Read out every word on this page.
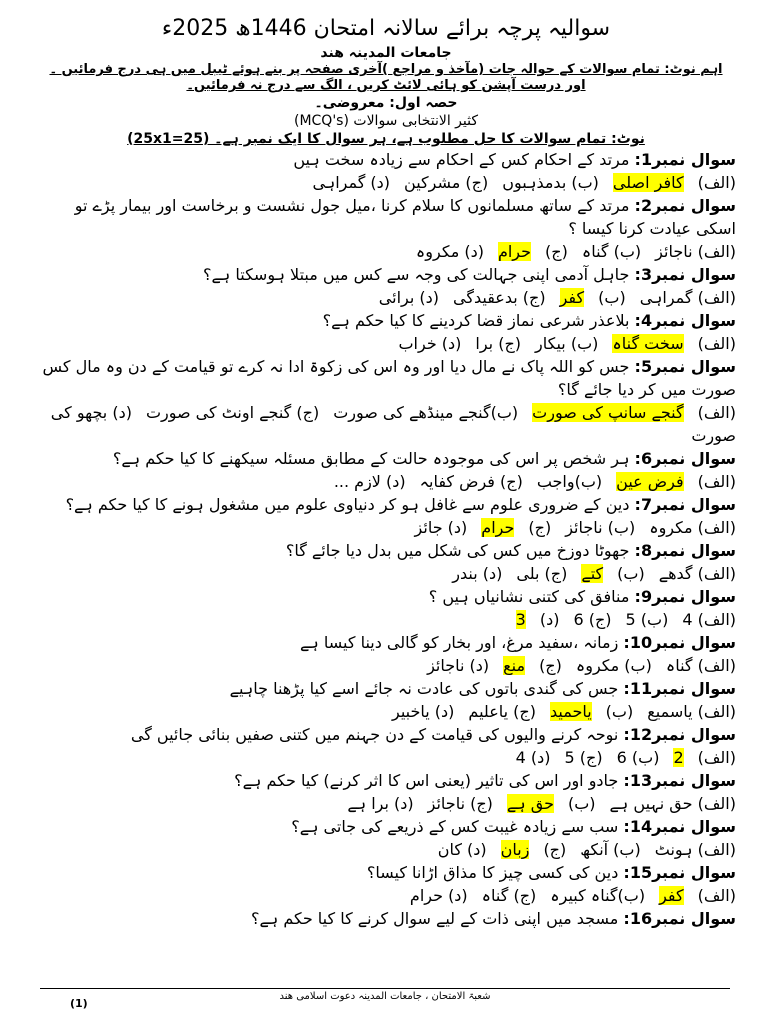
سوالیہ پرچہ برائے سالانہ امتحان 1446ھ 2025ء
جامعات المدینہ ھند
اہم نوٹ: تمام سوالات کے حوالہ جات (مآخذ و مراجع )آخری صفحہ پر بنے ہوئے ٹیبل میں ہی درج فرمائیں ۔
اور درست آپشن کو ہائی لائٹ کریں ، الگ سے درج نہ فرمائیں۔
حصہ اول: معروضی۔
کثیر الانتخابی سوالات (MCQ's)
نوٹ: تمام سوالات کا حل مطلوب ہے، ہر سوال کا ایک نمبر ہے۔ (25x1=25)
سوال نمبر1: مرتد کے احکام کس کے احکام سے زیادہ سخت ہیں
(الف)کافر اصلی(ب) بدمذہبوں(ج) مشرکین(د) گمراہی
سوال نمبر2: مرتد کے ساتھ مسلمانوں کا سلام کرنا ،میل جول نشست و برخاست اور بیمار پڑے تو اسکی عیادت کرنا کیسا ؟
(الف) ناجائز(ب) گناہ(ج)حرام(د) مکروہ
سوال نمبر3: جاہل آدمی اپنی جہالت کی وجہ سے کس میں مبتلا ہوسکتا ہے؟
(الف) گمراہی(ب)کفر(ج) بدعقیدگی(د) برائی
سوال نمبر4: بلاعذر شرعی نماز قضا کردینے کا کیا حکم ہے؟
(الف)سخت گناہ(ب) بیکار(ج) برا(د) خراب
سوال نمبر5: جس کو اللہ پاک نے مال دیا اور وہ اس کی زکوۃ ادا نہ کرے تو قیامت کے دن وہ مال کس صورت میں کر دیا جائے گا؟
(الف)گنجے سانپ کی صورت(ب)گنجے مینڈھے کی صورت(ج) گنجے اونٹ کی صورت(د) بچھو کی صورت
سوال نمبر6: ہر شخص پر اس کی موجودہ حالت کے مطابق مسئلہ سیکھنے کا کیا حکم ہے؟
(الف)فرض عین(ب)واجب(ج) فرض کفایہ(د) لازم ...
سوال نمبر7: دین کے ضروری علوم سے غافل ہو کر دنیاوی علوم میں مشغول ہونے کا کیا حکم ہے؟
(الف) مکروہ(ب) ناجائز(ج)حرام(د) جائز
سوال نمبر8: جھوٹا دوزخ میں کس کی شکل میں بدل دیا جائے گا؟
(الف) گدھے(ب)کتے(ج) بلی(د) بندر
سوال نمبر9: منافق کی کتنی نشانیاں ہیں ؟
(الف) 4(ب) 5(ج) 6(د)3
سوال نمبر10: زمانہ ،سفید مرغ، اور بخار کو گالی دینا کیسا ہے
(الف) گناہ(ب) مکروہ(ج)منع(د) ناجائز
سوال نمبر11: جس کی گندی باتوں کی عادت نہ جائے اسے کیا پڑھنا چاہیے
(الف) یاسمیع(ب)یاحمید(ج) یاعلیم(د) یاخبیر
سوال نمبر12: نوحہ کرنے والیوں کی قیامت کے دن جہنم میں کتنی صفیں بنائی جائیں گی
(الف)2(ب) 6(ج) 5(د) 4
سوال نمبر13: جادو اور اس کی تاثیر (یعنی اس کا اثر کرنے) کیا حکم ہے؟
(الف) حق نہیں ہے(ب)حق ہے(ج) ناجائز(د) برا ہے
سوال نمبر14: سب سے زیادہ غیبت کس کے ذریعے کی جاتی ہے؟
(الف) ہونٹ(ب) آنکھ(ج)زبان(د) کان
سوال نمبر15: دین کی کسی چیز کا مذاق اڑانا کیسا؟
(الف)کفر(ب)گناہ کبیرہ(ج) گناہ(د) حرام
سوال نمبر16: مسجد میں اپنی ذات کے لیے سوال کرنے کا کیا حکم ہے؟
شعبۃ الامتحان ، جامعات المدینہ دعوت اسلامی ھند
(1)
